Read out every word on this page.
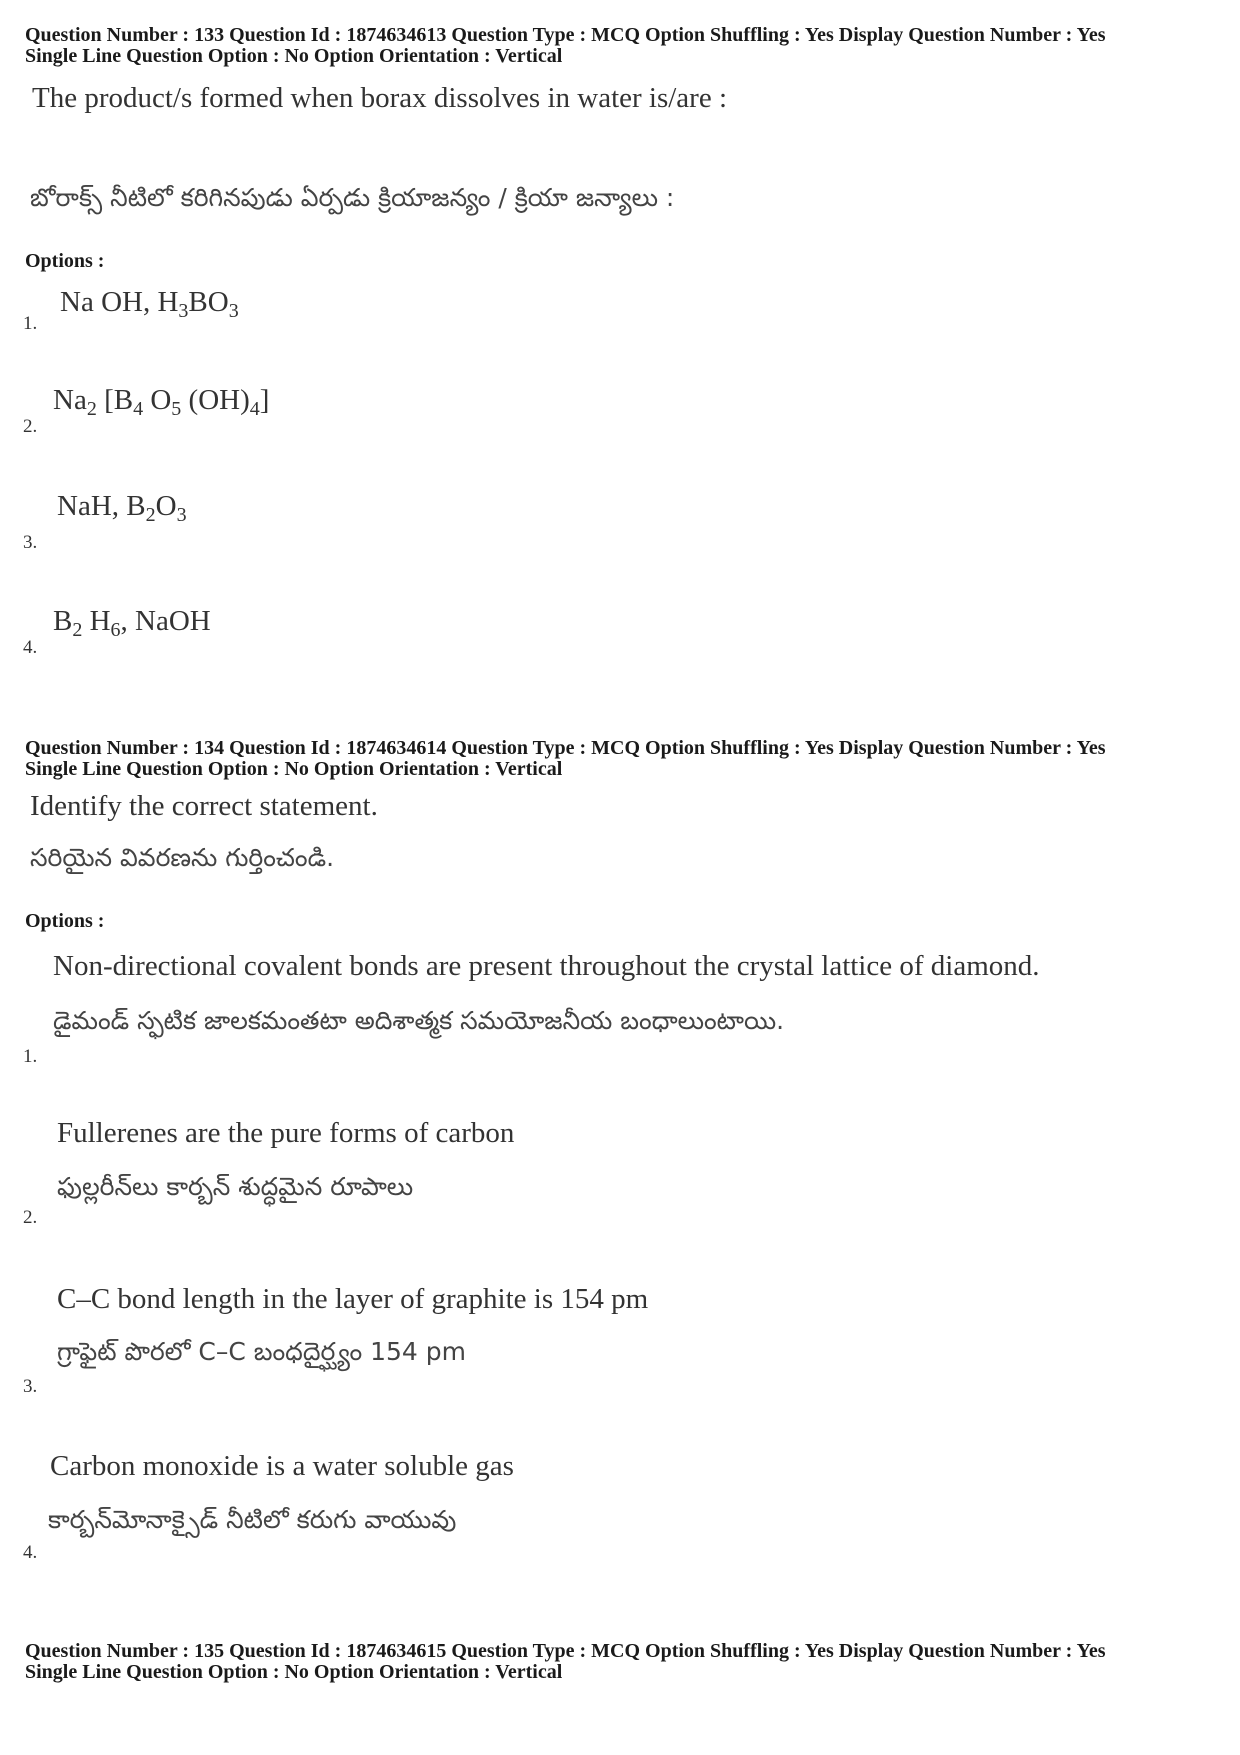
Question Number : 133 Question Id : 1874634613 Question Type : MCQ Option Shuffling : Yes Display Question Number : Yes
Single Line Question Option : No Option Orientation : Vertical
The product/s formed when borax dissolves in water is/are :
బోరాక్స్ నీటిలో కరిగినపుడు ఏర్పడు క్రియాజన్యం / క్రియా జన్యాలు :
Options :
1.
Na OH, $H_3BO_3$
2.
$Na_2$ [$B_4$ $O_5$ $(OH)_4$]
3.
NaH, $B_2O_3$
4.
$B_2$ $H_6$, NaOH
Question Number : 134 Question Id : 1874634614 Question Type : MCQ Option Shuffling : Yes Display Question Number : Yes
Single Line Question Option : No Option Orientation : Vertical
Identify the correct statement.
సరియైన వివరణను గుర్తించండి.
Options :
Non-directional covalent bonds are present throughout the crystal lattice of diamond.
డైమండ్ స్ఫటిక జాలకమంతటా అదిశాత్మక సమయోజనీయ బంధాలుంటాయి.
1.
Fullerenes are the pure forms of carbon
ఫుల్లరీన్‌లు కార్బన్ శుద్ధమైన రూపాలు
2.
C–C bond length in the layer of graphite is 154 pm
గ్రాఫైట్ పొరలో C–C బంధదైర్ఘ్యం 154 pm
3.
Carbon monoxide is a water soluble gas
కార్బన్‌మోనాక్సైడ్ నీటిలో కరుగు వాయువు
4.
Question Number : 135 Question Id : 1874634615 Question Type : MCQ Option Shuffling : Yes Display Question Number : Yes
Single Line Question Option : No Option Orientation : Vertical
